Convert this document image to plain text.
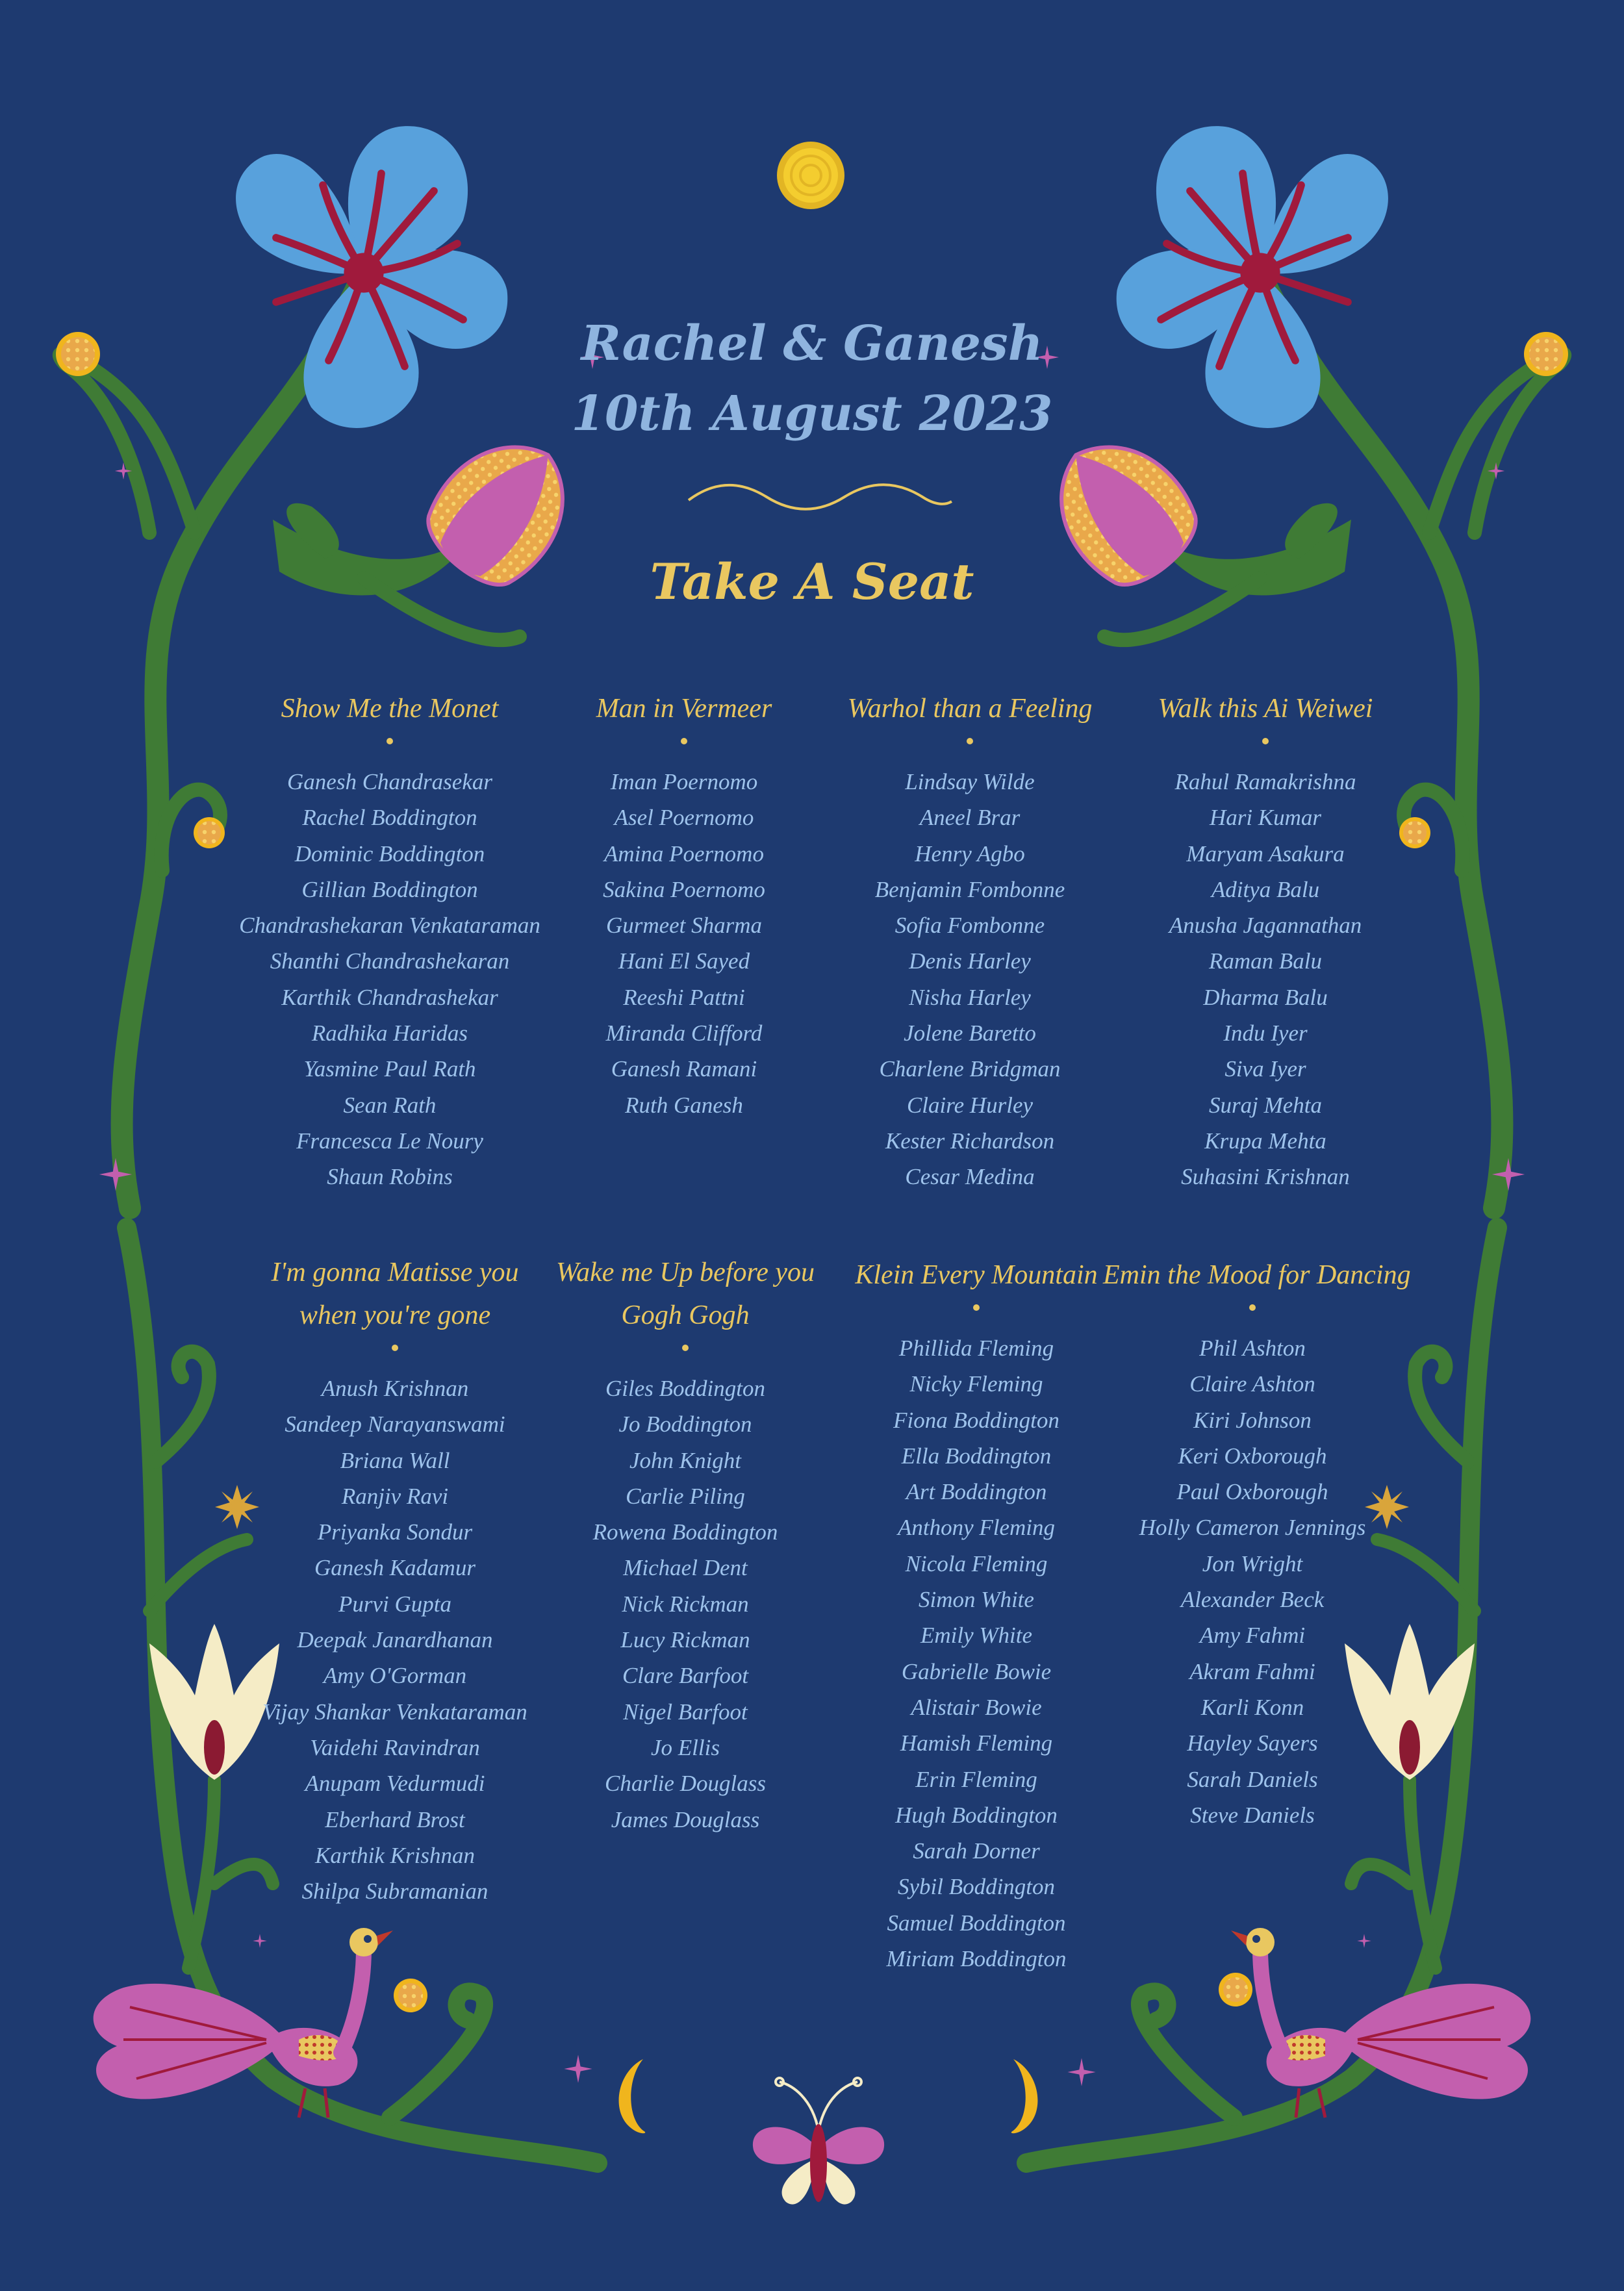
Rachel & Ganesh
10th August 2023
Take A Seat
Show Me the Monet
Ganesh Chandrasekar
Rachel Boddington
Dominic Boddington
Gillian Boddington
Chandrashekaran Venkataraman
Shanthi Chandrashekaran
Karthik Chandrashekar
Radhika Haridas
Yasmine Paul Rath
Sean Rath
Francesca Le Noury
Shaun Robins
Man in Vermeer
Iman Poernomo
Asel Poernomo
Amina Poernomo
Sakina Poernomo
Gurmeet Sharma
Hani El Sayed
Reeshi Pattni
Miranda Clifford
Ganesh Ramani
Ruth Ganesh
Warhol than a Feeling
Lindsay Wilde
Aneel Brar
Henry Agbo
Benjamin Fombonne
Sofia Fombonne
Denis Harley
Nisha Harley
Jolene Baretto
Charlene Bridgman
Claire Hurley
Kester Richardson
Cesar Medina
Walk this Ai Weiwei
Rahul Ramakrishna
Hari Kumar
Maryam Asakura
Aditya Balu
Anusha Jagannathan
Raman Balu
Dharma Balu
Indu Iyer
Siva Iyer
Suraj Mehta
Krupa Mehta
Suhasini Krishnan
I'm gonna Matisse you
when you're gone
Anush Krishnan
Sandeep Narayanswami
Briana Wall
Ranjiv Ravi
Priyanka Sondur
Ganesh Kadamur
Purvi Gupta
Deepak Janardhanan
Amy O'Gorman
Vijay Shankar Venkataraman
Vaidehi Ravindran
Anupam Vedurmudi
Eberhard Brost
Karthik Krishnan
Shilpa Subramanian
Wake me Up before you
Gogh Gogh
Giles Boddington
Jo Boddington
John Knight
Carlie Piling
Rowena Boddington
Michael Dent
Nick Rickman
Lucy Rickman
Clare Barfoot
Nigel Barfoot
Jo Ellis
Charlie Douglass
James Douglass
Klein Every Mountain
Phillida Fleming
Nicky Fleming
Fiona Boddington
Ella Boddington
Art Boddington
Anthony Fleming
Nicola Fleming
Simon White
Emily White
Gabrielle Bowie
Alistair Bowie
Hamish Fleming
Erin Fleming
Hugh Boddington
Sarah Dorner
Sybil Boddington
Samuel Boddington
Miriam Boddington
Emin the Mood for Dancing
Phil Ashton
Claire Ashton
Kiri Johnson
Keri Oxborough
Paul Oxborough
Holly Cameron Jennings
Jon Wright
Alexander Beck
Amy Fahmi
Akram Fahmi
Karli Konn
Hayley Sayers
Sarah Daniels
Steve Daniels
